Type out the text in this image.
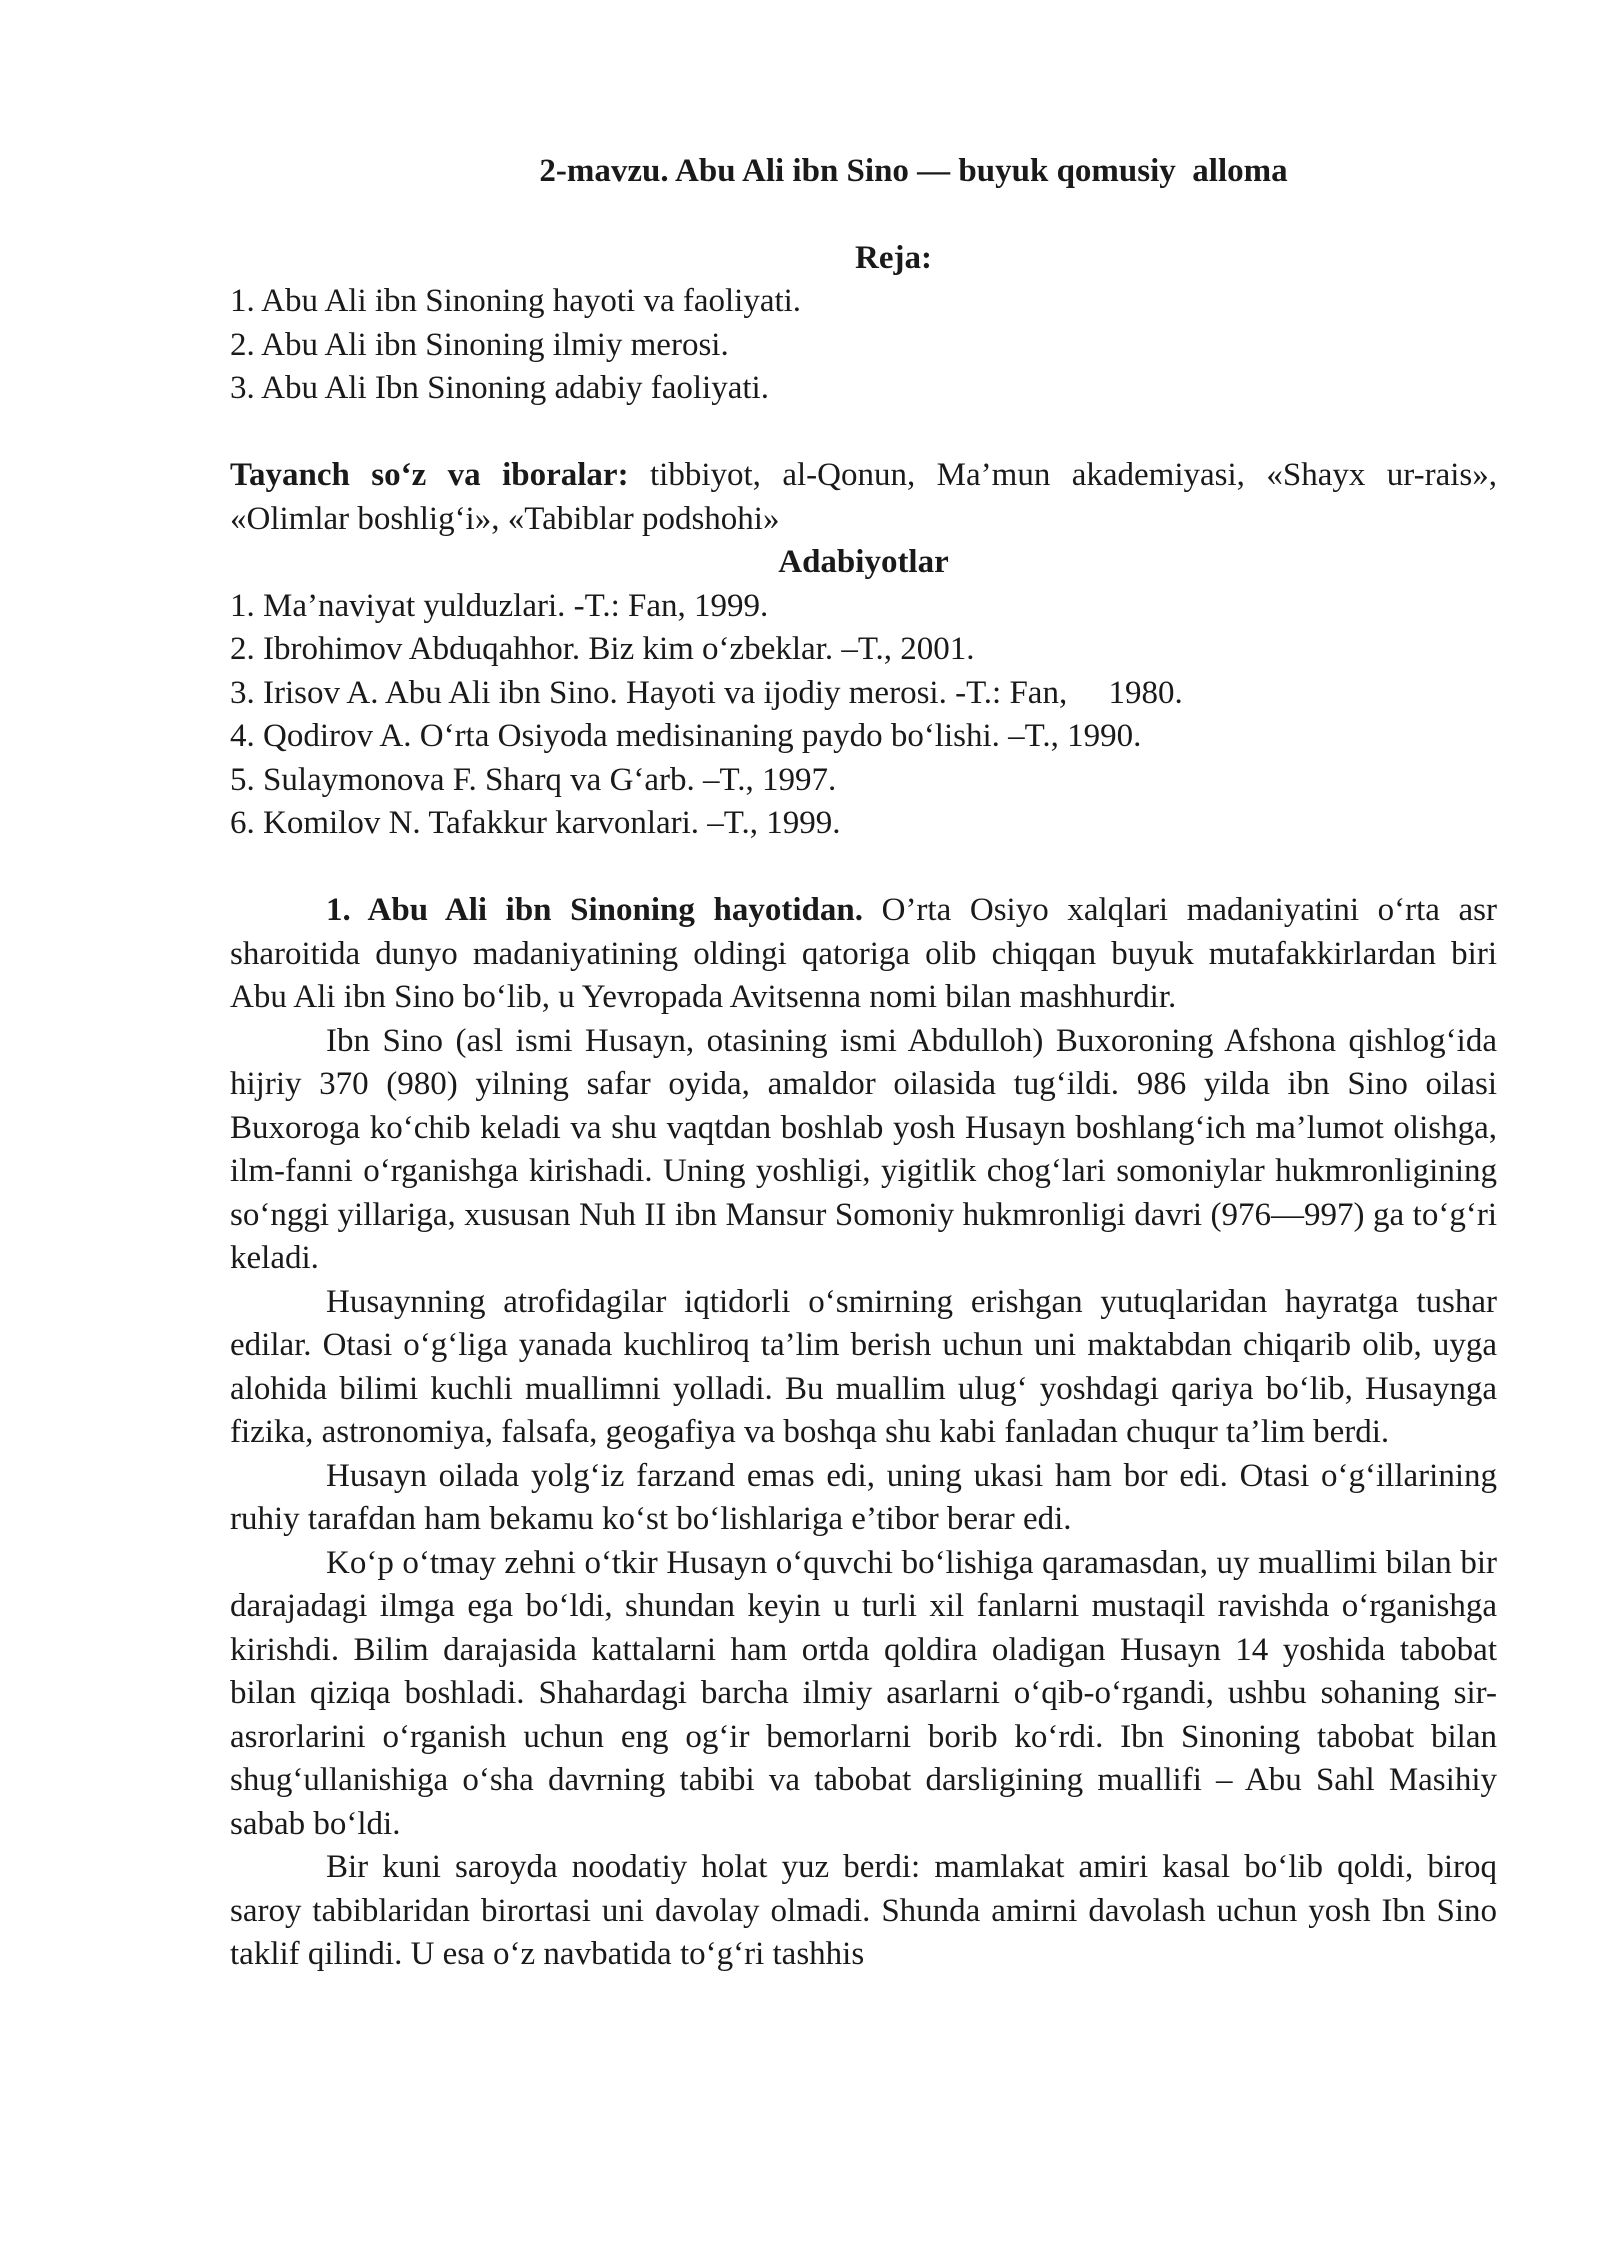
2-mavzu. Abu Ali ibn Sino — buyuk qomusiy  alloma

Reja:

1. Abu Ali ibn Sinoning hayoti va faoliyati.

2. Abu Ali ibn Sinoning ilmiy merosi.

3. Abu Ali Ibn Sinoning adabiy faoliyati.

Tayanch so‘z va iboralar: tibbiyot, al-Qonun, Ma’mun akademiyasi, «Shayx ur-rais», «Olimlar boshlig‘i», «Tabiblar podshohi»

Adabiyotlar

1. Ma’naviyat yulduzlari. -T.: Fan, 1999.

2. Ibrohimov Abduqahhor. Biz kim o‘zbeklar. –T., 2001.

3. Irisov A. Abu Ali ibn Sino. Hayoti va ijodiy merosi. -T.: Fan,     1980.

4. Qodirov A. O‘rta Osiyoda medisinaning paydo bo‘lishi. –T., 1990.

5. Sulaymonova F. Sharq va G‘arb. –T., 1997.

6. Komilov N. Tafakkur karvonlari. –T., 1999.

1. Abu Ali ibn Sinoning hayotidan. O’rta Osiyo xalqlari madaniyatini o‘rta asr sharoitida dunyo madaniyatining oldingi qatoriga olib chiqqan buyuk mutafakkirlardan biri Abu Ali ibn Sino bo‘lib, u Yevropada Avitsenna nomi bilan mashhurdir.

Ibn Sino (asl ismi Husayn, otasining ismi Abdulloh) Buxoroning Afshona qishlog‘ida hijriy 370 (980) yilning safar oyida, amaldor oilasida tug‘ildi. 986 yilda ibn Sino oilasi Buxoroga ko‘chib keladi va shu vaqtdan boshlab yosh Husayn boshlang‘ich ma’lumot olishga, ilm-fanni o‘rganishga kirishadi. Uning yoshligi, yigitlik chog‘lari somoniylar hukmronligining so‘nggi yillariga, xususan Nuh II ibn Mansur Somoniy hukmronligi davri (976—997) ga to‘g‘ri keladi.

Husaynning atrofidagilar iqtidorli o‘smirning erishgan yutuqlaridan hayratga tushar edilar. Otasi o‘g‘liga yanada kuchliroq ta’lim berish uchun uni maktabdan chiqarib olib, uyga alohida bilimi kuchli muallimni yolladi. Bu muallim ulug‘ yoshdagi qariya bo‘lib, Husaynga fizika, astronomiya, falsafa, geogafiya va boshqa shu kabi fanladan chuqur ta’lim berdi.

Husayn oilada yolg‘iz farzand emas edi, uning ukasi ham bor edi. Otasi o‘g‘illarining ruhiy tarafdan ham bekamu ko‘st bo‘lishlariga e’tibor berar edi.

Ko‘p o‘tmay zehni o‘tkir Husayn o‘quvchi bo‘lishiga qaramasdan, uy muallimi bilan bir darajadagi ilmga ega bo‘ldi, shundan keyin u turli xil fanlarni mustaqil ravishda o‘rganishga kirishdi. Bilim darajasida kattalarni ham ortda qoldira oladigan Husayn 14 yoshida tabobat bilan qiziqa boshladi. Shahardagi barcha ilmiy asarlarni o‘qib-o‘rgandi, ushbu sohaning sir-asrorlarini o‘rganish uchun eng og‘ir bemorlarni borib ko‘rdi. Ibn Sinoning tabobat bilan shug‘ullanishiga o‘sha davrning tabibi va tabobat darsligining muallifi – Abu Sahl Masihiy sabab bo‘ldi.

Bir kuni saroyda noodatiy holat yuz berdi: mamlakat amiri kasal bo‘lib qoldi, biroq saroy tabiblaridan birortasi uni davolay olmadi. Shunda amirni davolash uchun yosh Ibn Sino taklif qilindi. U esa o‘z navbatida to‘g‘ri tashhis
